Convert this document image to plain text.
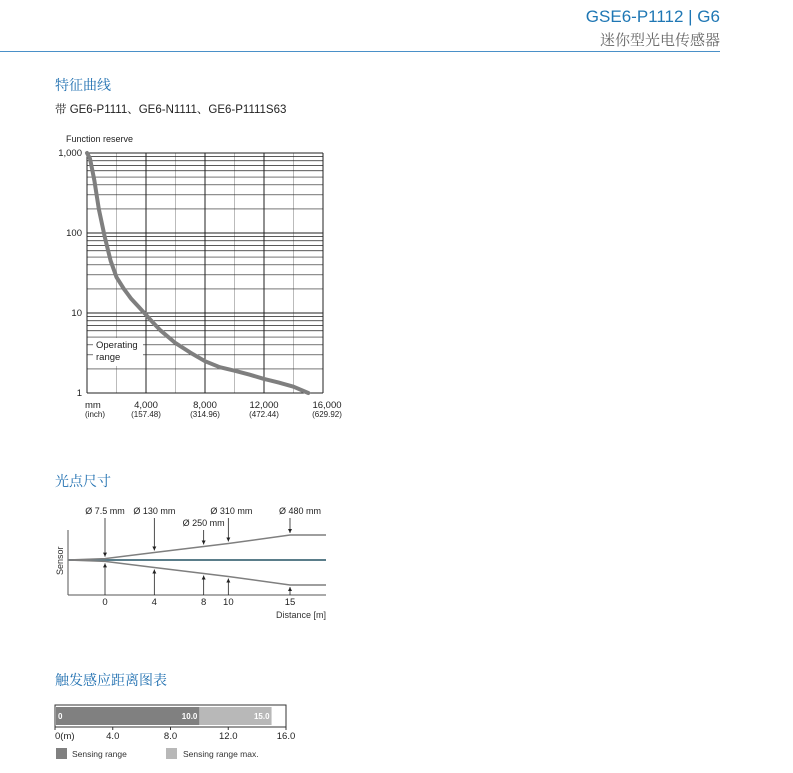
GSE6-P1112 | G6
迷你型光电传感器
特征曲线
带 GE6-P1111、GE6-N1111、GE6-P1111S63
Function reserve
1,000
100
10
1
mm
(inch)
4,000
(157.48)
8,000
(314.96)
12,000
(472.44)
16,000
(629.92)
Operating
range
光点尺寸
Sensor
Ø 7.5 mm
0
Ø 130 mm
4
Ø 250 mm
8
Ø 310 mm
10
Ø 480 mm
15
Distance [m]
触发感应距离图表
0(m)	4.0	8.0	12.0	16.0
0	10.0	15.0
Sensing range	Sensing range max.
